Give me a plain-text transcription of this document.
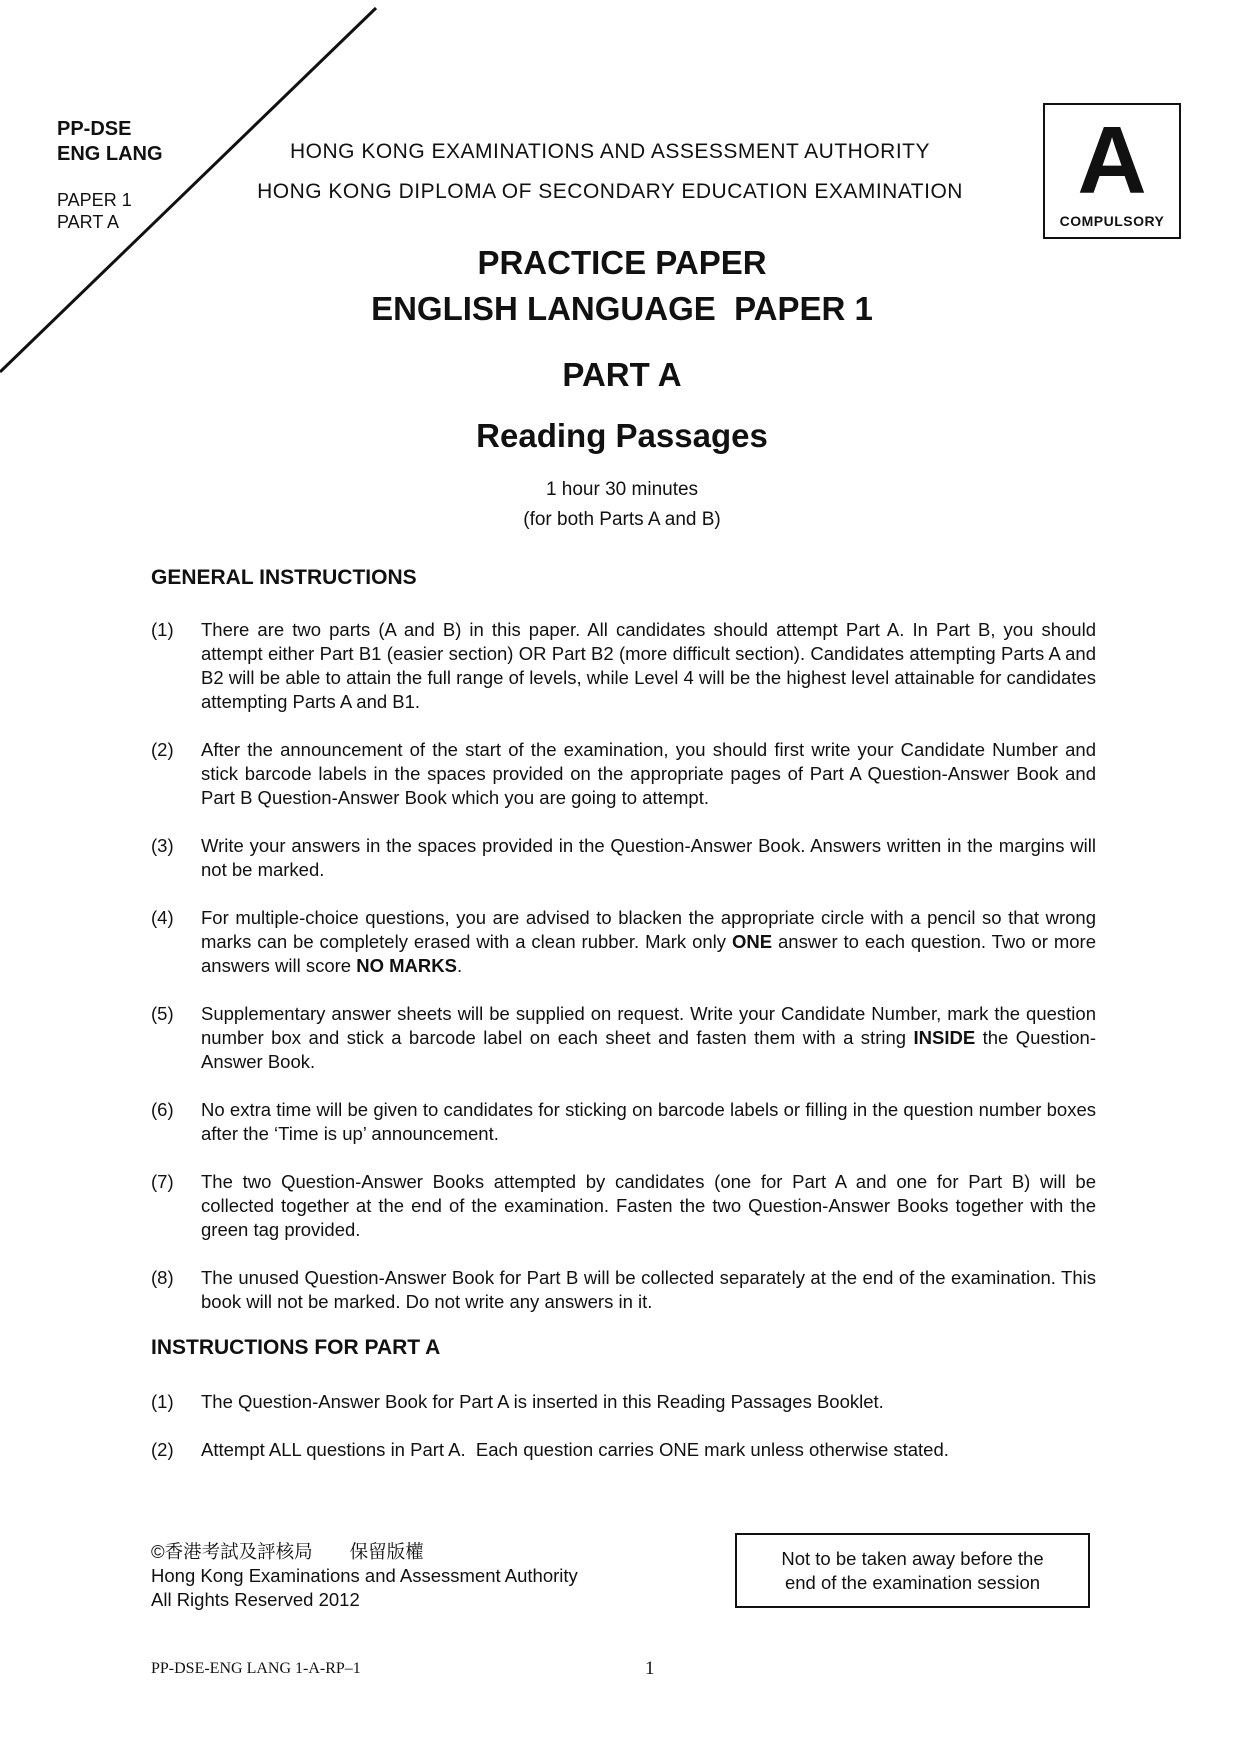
PP-DSE
ENG LANG
PAPER 1
PART A
HONG KONG EXAMINATIONS AND ASSESSMENT AUTHORITY
HONG KONG DIPLOMA OF SECONDARY EDUCATION EXAMINATION	A
COMPULSORY
PRACTICE PAPER
ENGLISH LANGUAGE  PAPER 1
PART A
Reading Passages
1 hour 30 minutes
(for both Parts A and B)
GENERAL INSTRUCTIONS
(1) There are two parts (A and B) in this paper. All candidates should attempt Part A. In Part B, you should attempt either Part B1 (easier section) OR Part B2 (more difficult section). Candidates attempting Parts A and B2 will be able to attain the full range of levels, while Level 4 will be the highest level attainable for candidates attempting Parts A and B1.
(2) After the announcement of the start of the examination, you should first write your Candidate Number and stick barcode labels in the spaces provided on the appropriate pages of Part A Question-Answer Book and Part B Question-Answer Book which you are going to attempt.
(3) Write your answers in the spaces provided in the Question-Answer Book. Answers written in the margins will not be marked.
(4) For multiple-choice questions, you are advised to blacken the appropriate circle with a pencil so that wrong marks can be completely erased with a clean rubber. Mark only ONE answer to each question. Two or more answers will score NO MARKS.
(5) Supplementary answer sheets will be supplied on request. Write your Candidate Number, mark the question number box and stick a barcode label on each sheet and fasten them with a string INSIDE the Question-Answer Book.
(6) No extra time will be given to candidates for sticking on barcode labels or filling in the question number boxes after the ‘Time is up’ announcement.
(7) The two Question-Answer Books attempted by candidates (one for Part A and one for Part B) will be collected together at the end of the examination. Fasten the two Question-Answer Books together with the green tag provided.
(8) The unused Question-Answer Book for Part B will be collected separately at the end of the examination. This book will not be marked. Do not write any answers in it.
INSTRUCTIONS FOR PART A
(1) The Question-Answer Book for Part A is inserted in this Reading Passages Booklet.
(2) Attempt ALL questions in Part A.  Each question carries ONE mark unless otherwise stated.
©香港考試及評核局　　保留版權
Hong Kong Examinations and Assessment Authority
All Rights Reserved 2012
Not to be taken away before the
end of the examination session
PP-DSE-ENG LANG 1-A-RP–1	1
